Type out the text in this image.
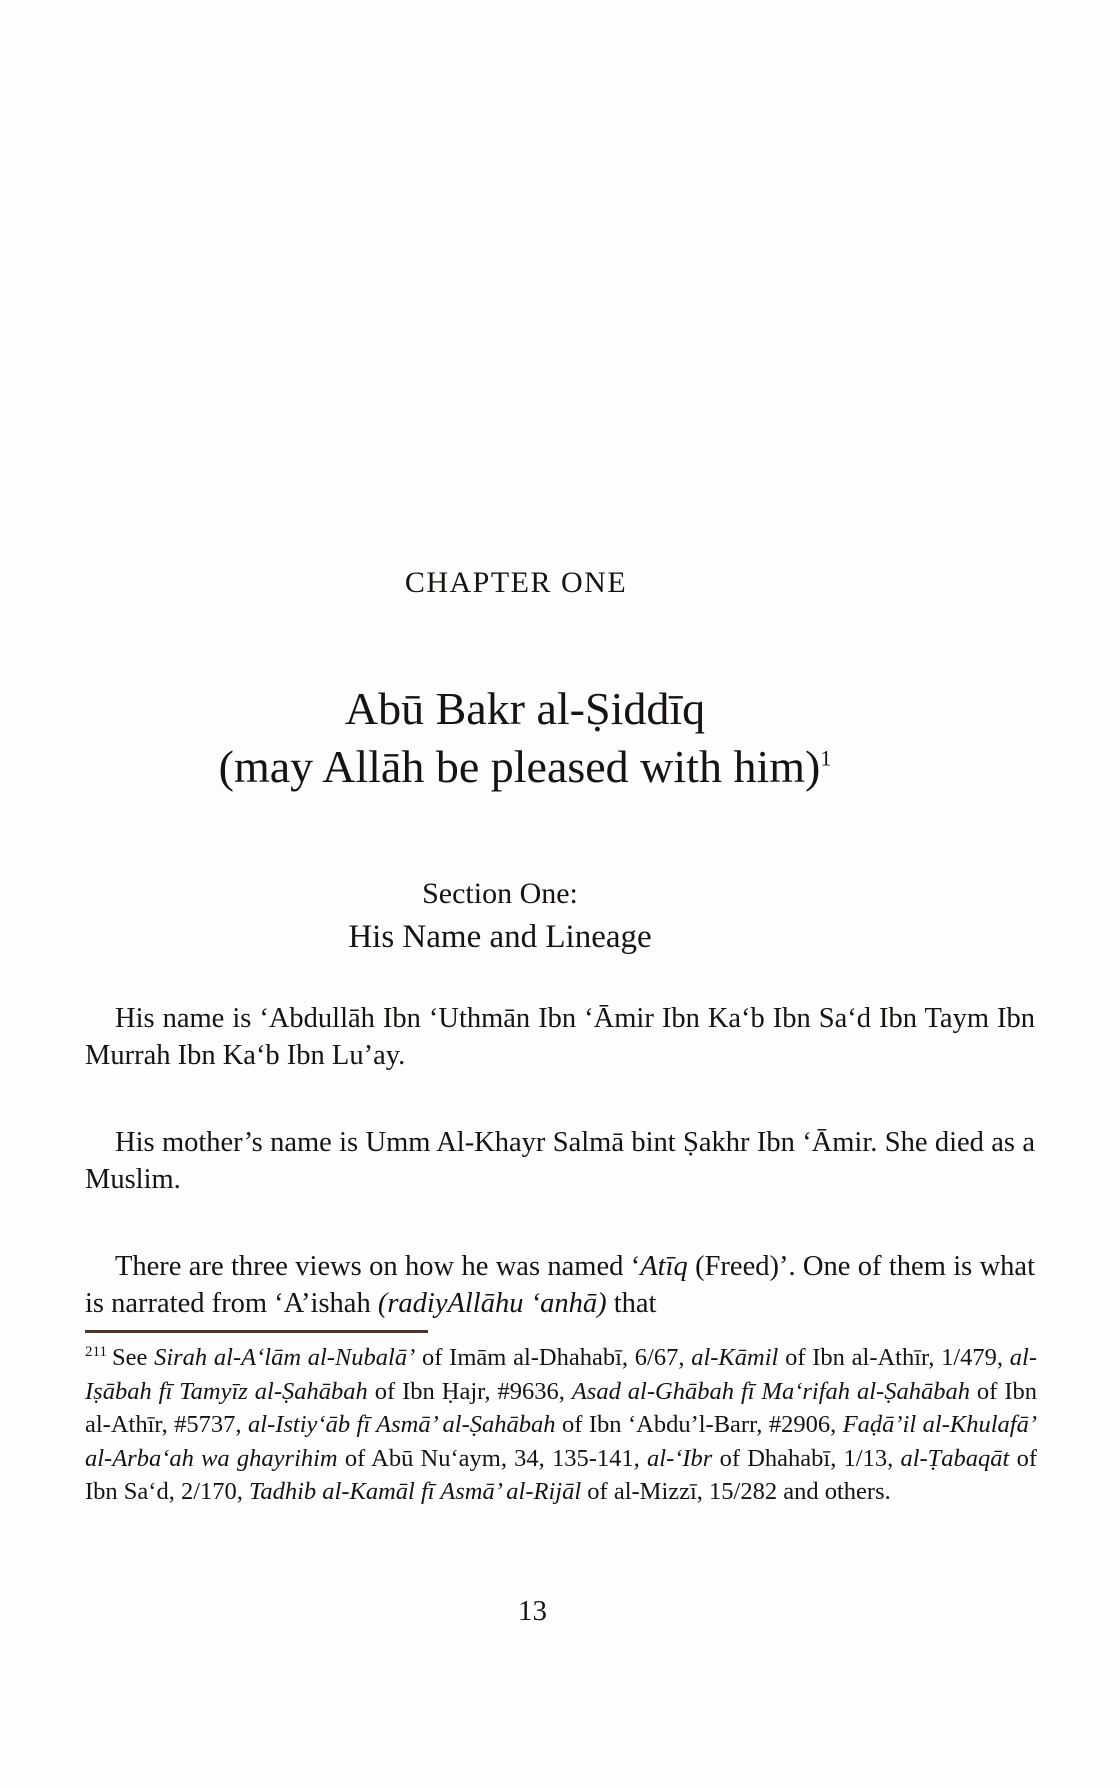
CHAPTER ONE
Abū Bakr al-Ṣiddīq
(may Allāh be pleased with him)$^1$
Section One:
His Name and Lineage

His name is ‘Abdullāh Ibn ‘Uthmān Ibn ‘Āmir Ibn Ka‘b Ibn Sa‘d Ibn Taym Ibn Murrah Ibn Ka‘b Ibn Lu’ay.

His mother’s name is Umm Al-Khayr Salmā bint Ṣakhr Ibn ‘Āmir. She died as a Muslim.

There are three views on how he was named ‘Atīq (Freed)’. One of them is what is narrated from ‘A’ishah (radiyAllāhu ‘anhā) that

$^{211}$ See Sirah al-A‘lām al-Nubalā’ of Imām al-Dhahabī, 6/67, al-Kāmil of Ibn al-Athīr, 1/479, al-Iṣābah fī Tamyīz al-Ṣahābah of Ibn Ḥajr, #9636, Asad al-Ghābah fī Ma‘rifah al-Ṣahābah of Ibn al-Athīr, #5737, al-Istiy‘āb fī Asmā’ al-Ṣahābah of Ibn ‘Abdu’l-Barr, #2906, Faḍā’il al-Khulafā’ al-Arba‘ah wa ghayrihim of Abū Nu‘aym, 34, 135-141, al-‘Ibr of Dhahabī, 1/13, al-Ṭabaqāt of Ibn Sa‘d, 2/170, Tadhib al-Kamāl fī Asmā’ al-Rijāl of al-Mizzī, 15/282 and others.

13
